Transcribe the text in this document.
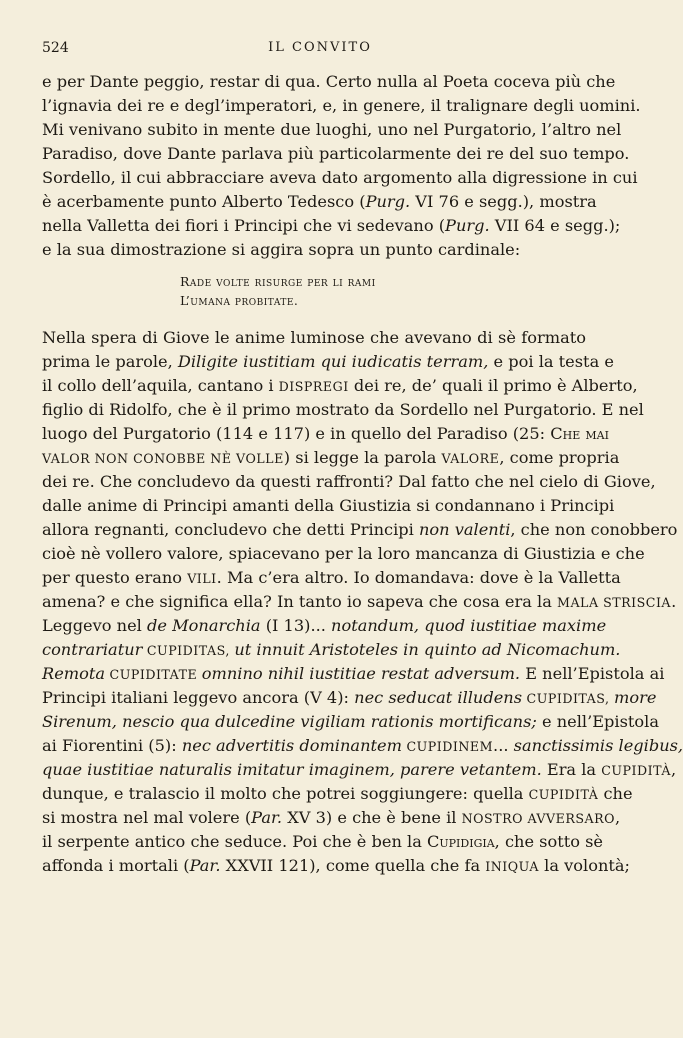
524	IL CONVITO
e per Dante peggio, restar di qua. Certo nulla al Poeta coceva più che
l’ignavia dei re e degl’imperatori, e, in genere, il tralignare degli uomini.
Mi venivano subito in mente due luoghi, uno nel Purgatorio, l’altro nel
Paradiso, dove Dante parlava più particolarmente dei re del suo tempo.
Sordello, il cui abbracciare aveva dato argomento alla digressione in cui
è acerbamente punto Alberto Tedesco (Purg. VI 76 e segg.), mostra
nella Valletta dei fiori i Principi che vi sedevano (Purg. VII 64 e segg.);
e la sua dimostrazione si aggira sopra un punto cardinale:
Rade volte risurge per li rami
L’umana probitate.
Nella spera di Giove le anime luminose che avevano di sè formato
prima le parole, Diligite iustitiam qui iudicatis terram, e poi la testa e
il collo dell’aquila, cantano i DISPREGI dei re, de’ quali il primo è Alberto,
figlio di Ridolfo, che è il primo mostrato da Sordello nel Purgatorio. E nel
luogo del Purgatorio (114 e 117) e in quello del Paradiso (25: Che mai
VALOR NON CONOBBE NÈ VOLLE) si legge la parola VALORE, come propria
dei re. Che concludevo da questi raffronti? Dal fatto che nel cielo di Giove,
dalle anime di Principi amanti della Giustizia si condannano i Principi
allora regnanti, concludevo che detti Principi non valenti, che non conobbero
cioè nè vollero valore, spiacevano per la loro mancanza di Giustizia e che
per questo erano VILI. Ma c’era altro. Io domandava: dove è la Valletta
amena? e che significa ella? In tanto io sapeva che cosa era la MALA STRISCIA.
Leggevo nel de Monarchia (I 13)... notandum, quod iustitiae maxime
contrariatur CUPIDITAS, ut innuit Aristoteles in quinto ad Nicomachum.
Remota CUPIDITATE omnino nihil iustitiae restat adversum. E nell’Epistola ai
Principi italiani leggevo ancora (V 4): nec seducat illudens CUPIDITAS, more
Sirenum, nescio qua dulcedine vigiliam rationis mortificans; e nell’Epistola
ai Fiorentini (5): nec advertitis dominantem CUPIDINEM... sanctissimis legibus,
quae iustitiae naturalis imitatur imaginem, parere vetantem. Era la CUPIDITÀ,
dunque, e tralascio il molto che potrei soggiungere: quella CUPIDITÀ che
si mostra nel mal volere (Par. XV 3) e che è bene il NOSTRO AVVERSARO,
il serpente antico che seduce. Poi che è ben la Cupidigia, che sotto sè
affonda i mortali (Par. XXVII 121), come quella che fa INIQUA la volontà;
